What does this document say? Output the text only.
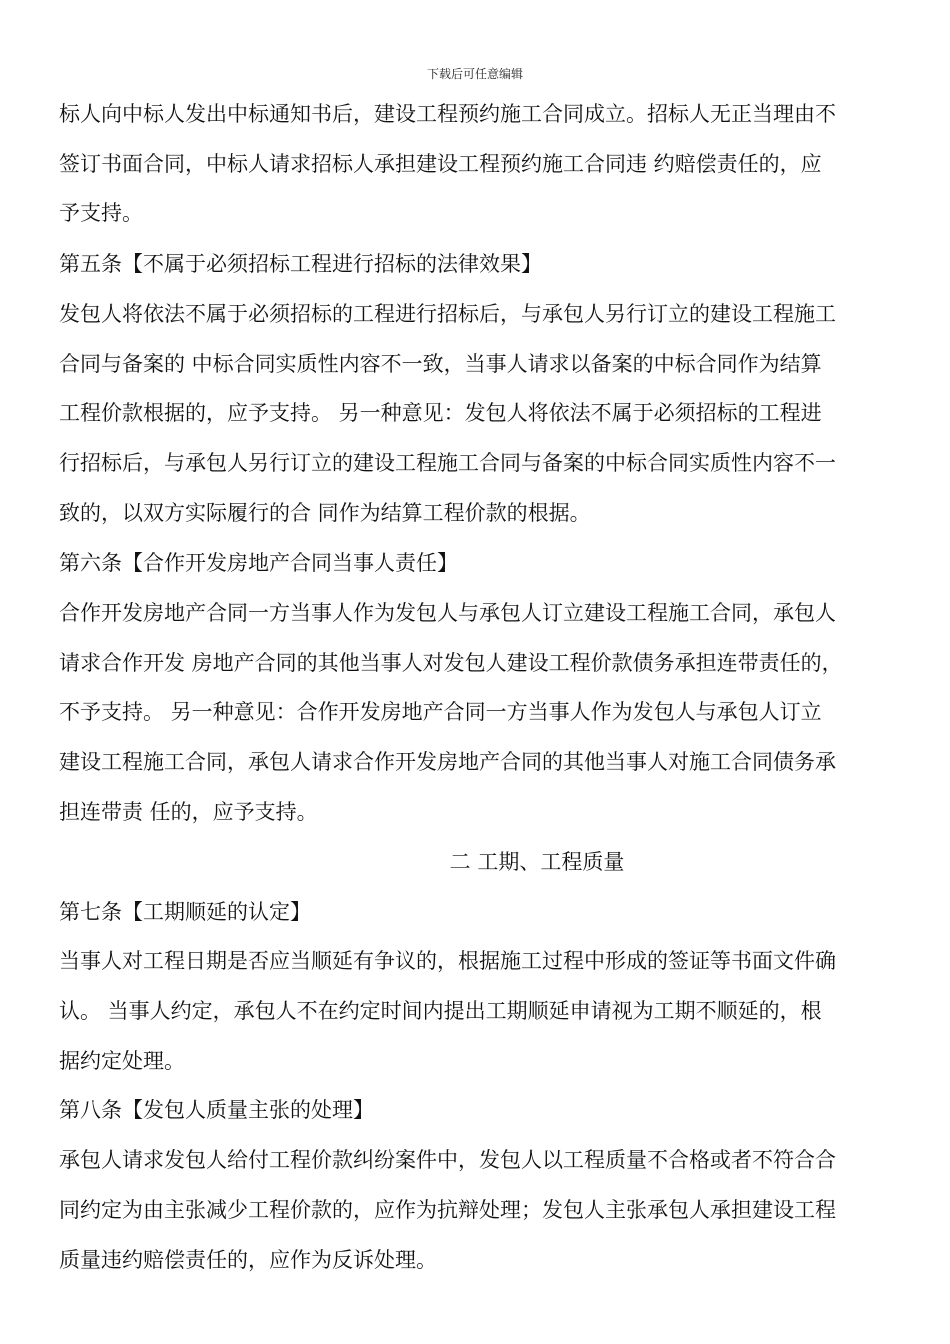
下载后可任意编辑
标人向中标人发出中标通知书后，建设工程预约施工合同成立。招标人无正当理由不
签订书面合同，中标人请求招标人承担建设工程预约施工合同违 约赔偿责任的，应
予支持。
第五条【不属于必须招标工程进行招标的法律效果】
发包人将依法不属于必须招标的工程进行招标后，与承包人另行订立的建设工程施工
合同与备案的 中标合同实质性内容不一致，当事人请求以备案的中标合同作为结算
工程价款根据的，应予支持。 另一种意见：发包人将依法不属于必须招标的工程进
行招标后，与承包人另行订立的建设工程施工合同与备案的中标合同实质性内容不一
致的，以双方实际履行的合 同作为结算工程价款的根据。
第六条【合作开发房地产合同当事人责任】
合作开发房地产合同一方当事人作为发包人与承包人订立建设工程施工合同，承包人
请求合作开发 房地产合同的其他当事人对发包人建设工程价款债务承担连带责任的，
不予支持。 另一种意见：合作开发房地产合同一方当事人作为发包人与承包人订立
建设工程施工合同，承包人请求合作开发房地产合同的其他当事人对施工合同债务承
担连带责 任的，应予支持。
二 工期、工程质量
第七条【工期顺延的认定】
当事人对工程日期是否应当顺延有争议的，根据施工过程中形成的签证等书面文件确
认。 当事人约定，承包人不在约定时间内提出工期顺延申请视为工期不顺延的，根
据约定处理。
第八条【发包人质量主张的处理】
承包人请求发包人给付工程价款纠纷案件中，发包人以工程质量不合格或者不符合合
同约定为由主张减少工程价款的，应作为抗辩处理；发包人主张承包人承担建设工程
质量违约赔偿责任的，应作为反诉处理。
